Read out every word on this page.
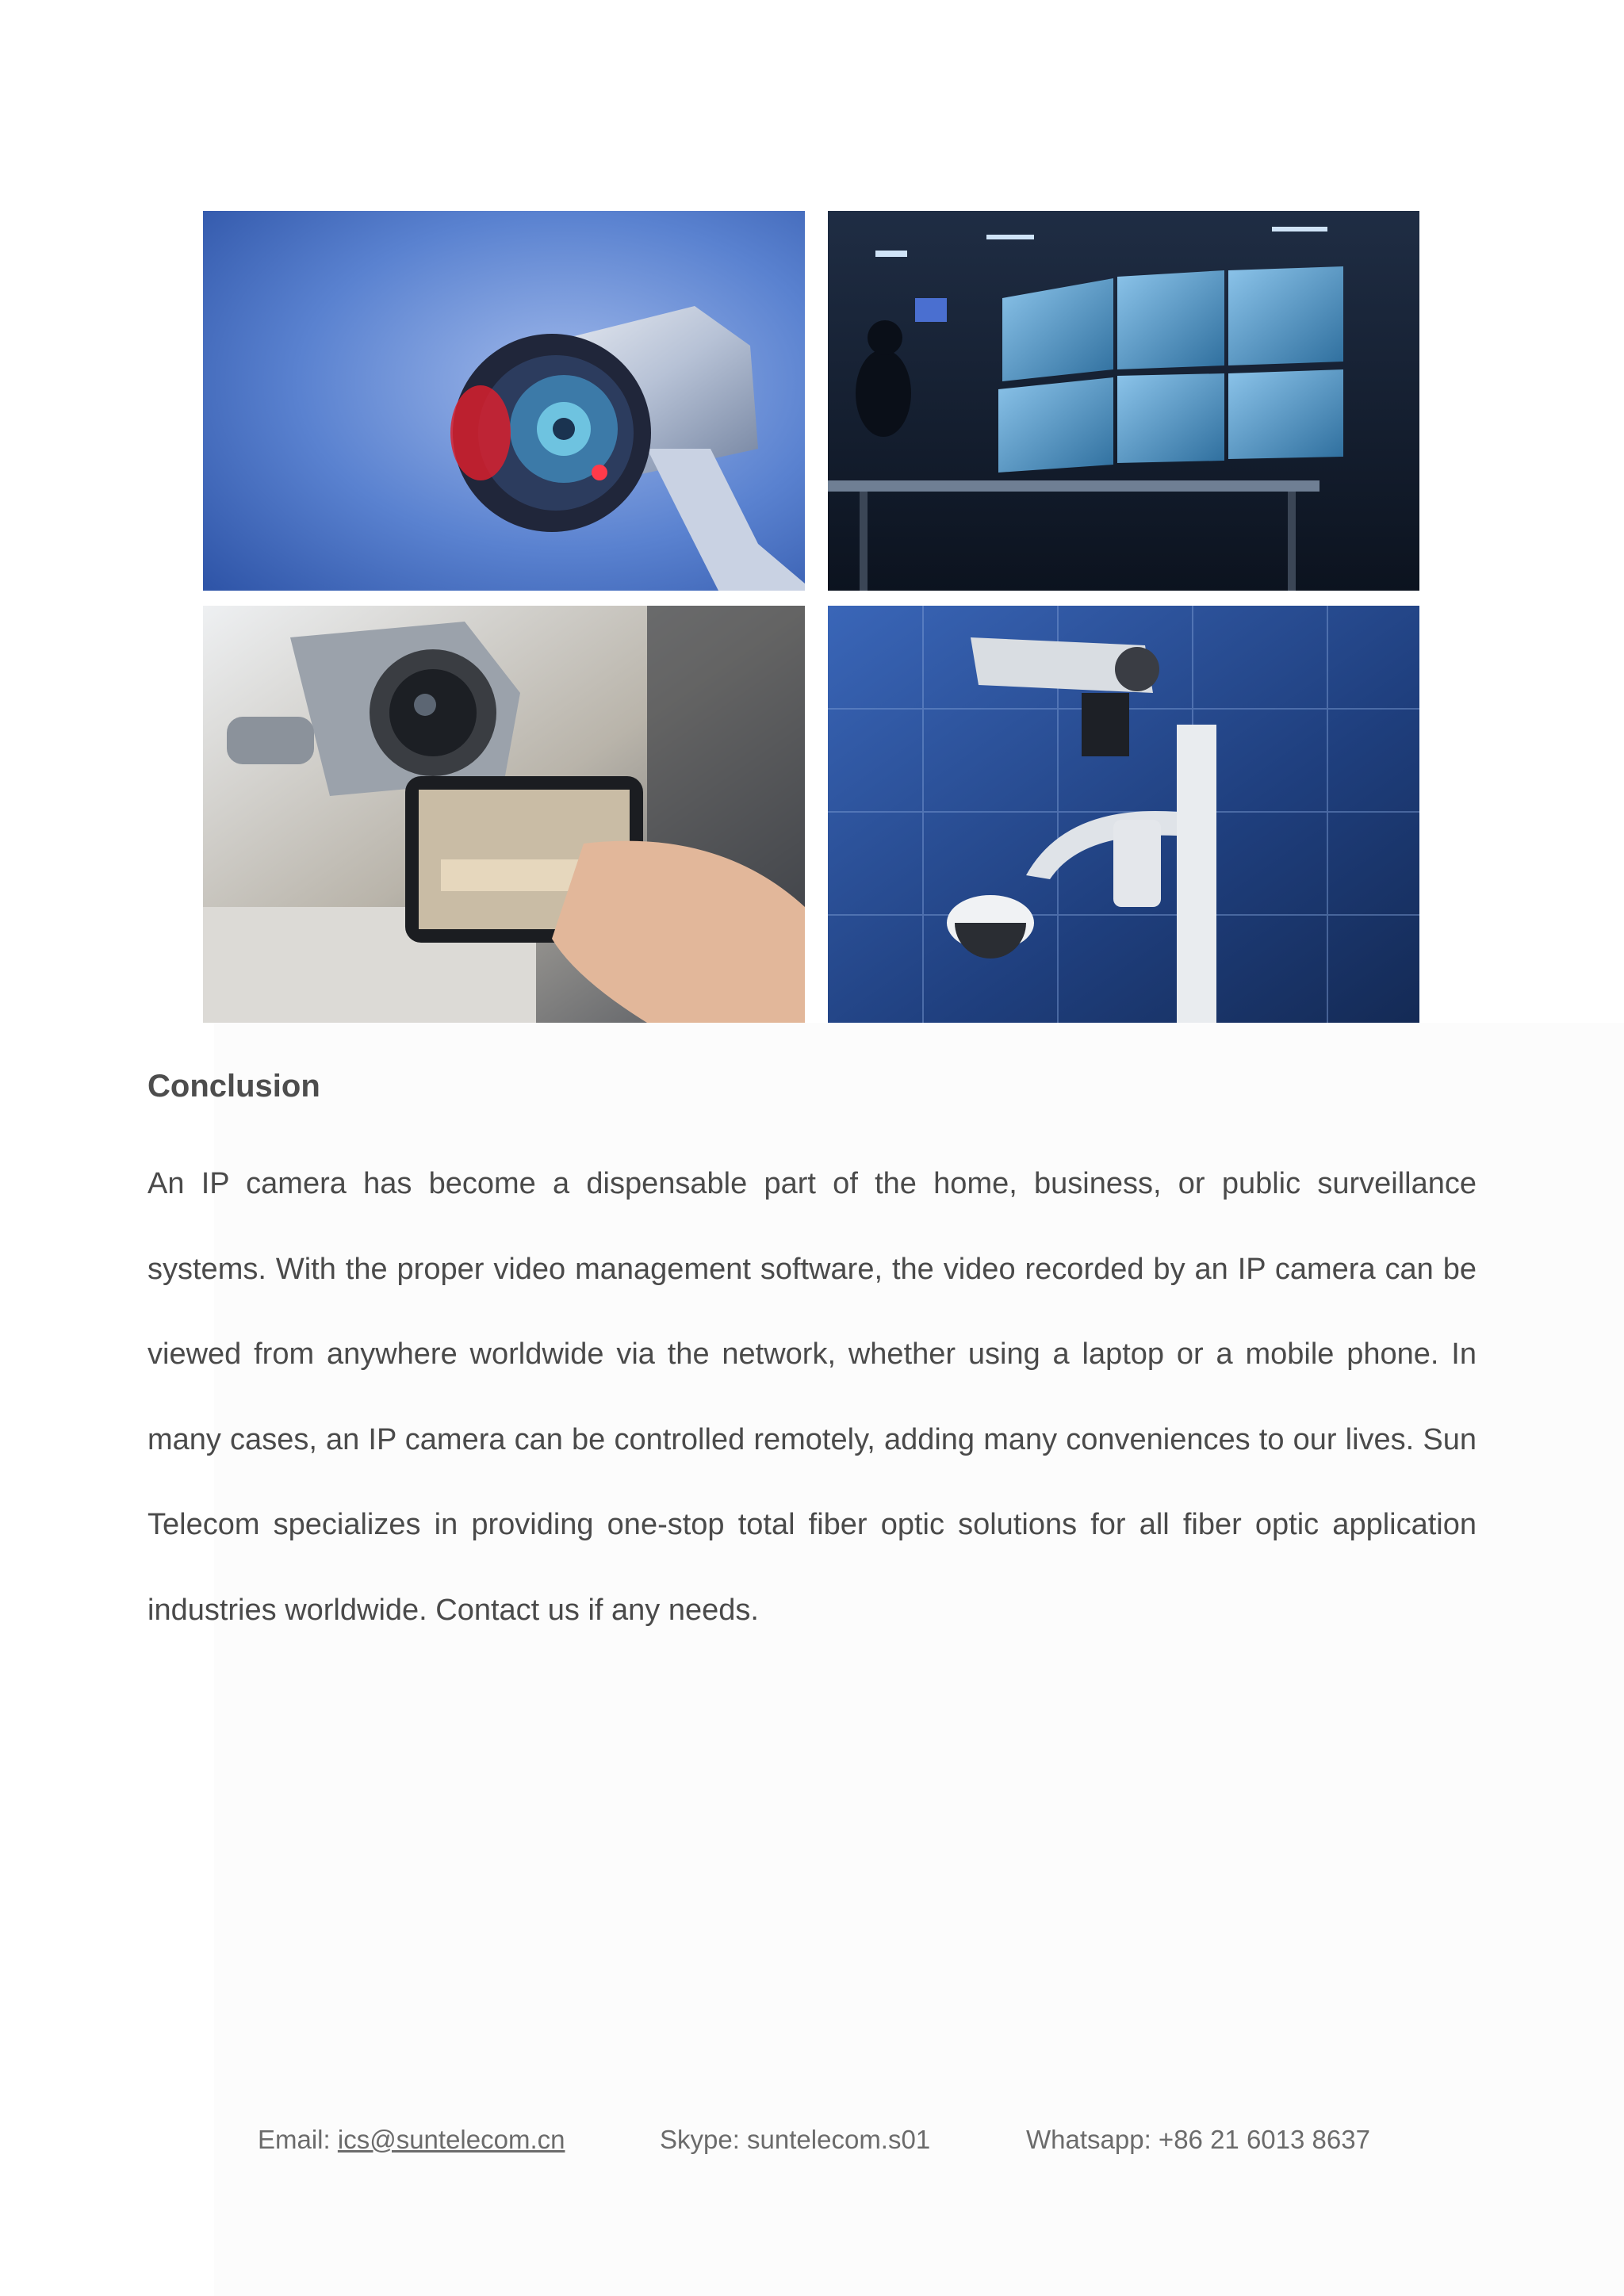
Conclusion
An IP camera has become a dispensable part of the home, business, or public surveillance systems. With the proper video management software, the video recorded by an IP camera can be viewed from anywhere worldwide via the network, whether using a laptop or a mobile phone. In many cases, an IP camera can be controlled remotely, adding many conveniences to our lives. Sun Telecom specializes in providing one-stop total fiber optic solutions for all fiber optic application industries worldwide. Contact us if any needs.
Email: ics@suntelecom.cn	Skype: suntelecom.s01	Whatsapp: +86 21 6013 8637
